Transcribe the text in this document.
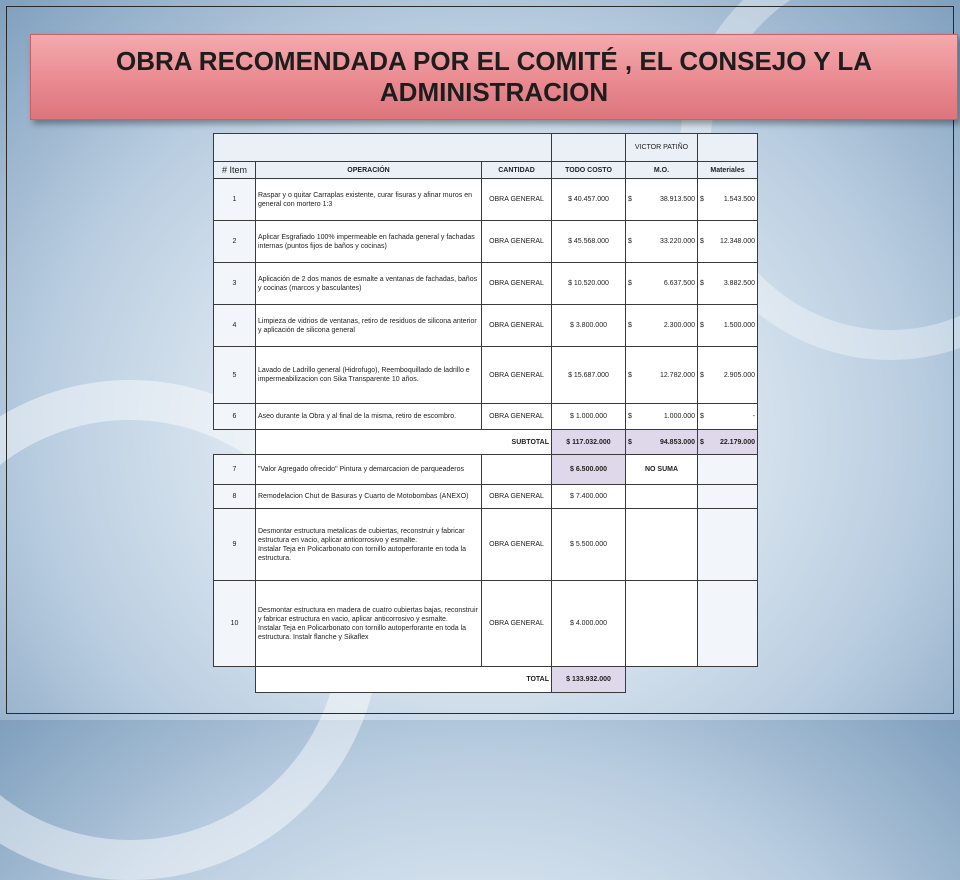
OBRA RECOMENDADA POR EL COMITÉ , EL CONSEJO Y LA ADMINISTRACION
				VICTOR PATIÑO	
# Item	OPERACIÓN	CANTIDAD	TODO COSTO	M.O.	Materiales
1	Raspar y o quitar Carraplas existente, curar fisuras y afinar muros en general con mortero 1:3	OBRA GENERAL	$ 40.457.000	$ 38.913.500	$ 1.543.500

2	Aplicar Esgrafiado 100% impermeable en fachada general y fachadas internas (puntos fijos de baños y cocinas)	OBRA GENERAL	$ 45.568.000	$ 33.220.000	$ 12.348.000

3	Aplicación de 2 dos manos de esmalte a ventanas de fachadas, baños y cocinas (marcos y basculantes)	OBRA GENERAL	$ 10.520.000	$ 6.637.500	$ 3.882.500

4	Limpieza de vidrios de ventanas, retiro de residuos de silicona anterior y aplicación de silicona general	OBRA GENERAL	$ 3.800.000	$ 2.300.000	$ 1.500.000

5	Lavado de Ladrillo general (Hidrofugo), Reemboquillado de ladrillo e impermeabilizacion con Sika Transparente 10 años.	OBRA GENERAL	$ 15.687.000	$ 12.782.000	$ 2.905.000

6	Aseo durante la Obra y al final de la misma, retiro de escombro.	OBRA GENERAL	$ 1.000.000	$ 1.000.000	$ -

	SUBTOTAL		$ 117.032.000	$ 94.853.000	$ 22.179.000

7	"Valor Agregado ofrecido" Pintura y demarcacion de parqueaderos		$ 6.500.000	NO SUMA	
8	Remodelacion Chut de Basuras y Cuarto de Motobombas (ANEXO)	OBRA GENERAL	$ 7.400.000		
9	Desmontar estructura metalicas de cubiertas, reconstruir y fabricar estructura en vacio, aplicar anticorrosivo y esmalte.
Instalar Teja en Policarbonato con tornillo autoperforante en toda la estructura.	OBRA GENERAL	$ 5.500.000		
10	Desmontar estructura en madera de cuatro cubiertas bajas, reconstruir y fabricar estructura en vacio, aplicar anticorrosivo y esmalte.
Instalar Teja en Policarbonato con tornillo autoperforante en toda la estructura. Instalr flanche y Sikaflex	OBRA GENERAL	$ 4.000.000		
	TOTAL		$ 133.932.000		
